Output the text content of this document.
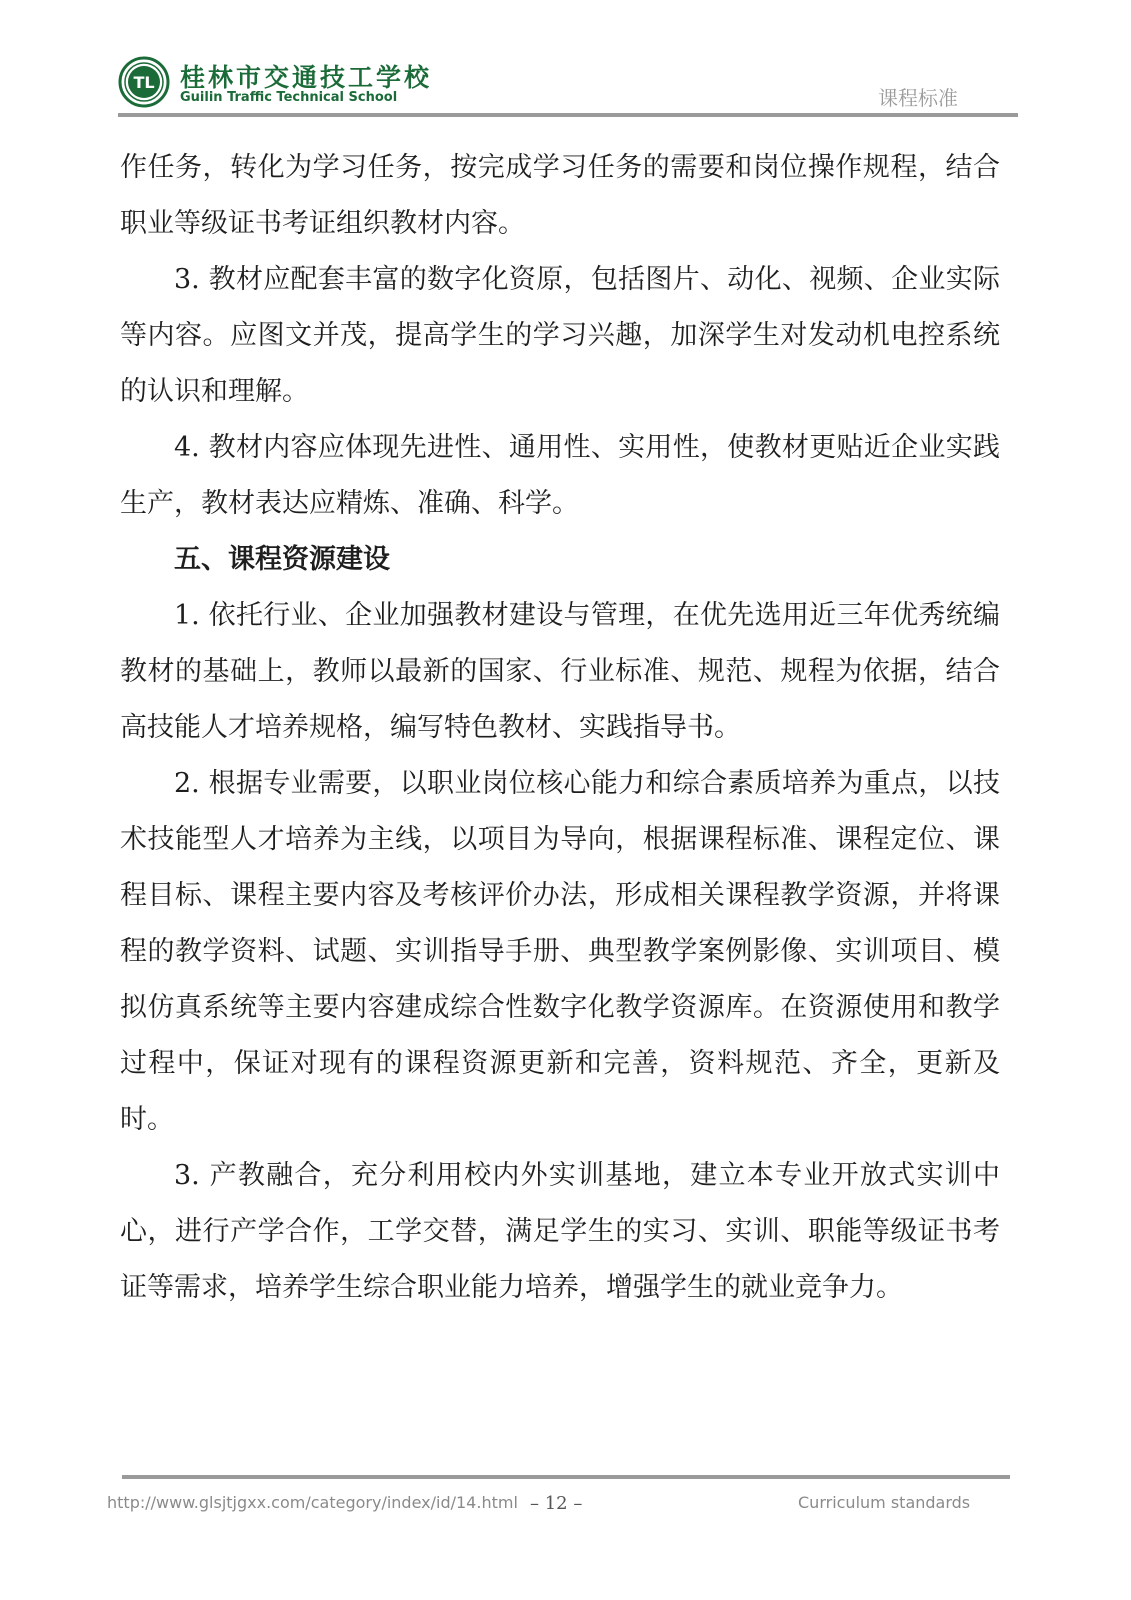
TL 桂林市交通技工学校
Guilin Traffic Technical School	课程标准

作任务，转化为学习任务，按完成学习任务的需要和岗位操作规程，结合职业等级证书考证组织教材内容。

3. 教材应配套丰富的数字化资原，包括图片、动化、视频、企业实际等内容。应图文并茂，提高学生的学习兴趣，加深学生对发动机电控系统的认识和理解。

4. 教材内容应体现先进性、通用性、实用性，使教材更贴近企业实践生产，教材表达应精炼、准确、科学。

五、课程资源建设

1. 依托行业、企业加强教材建设与管理，在优先选用近三年优秀统编教材的基础上，教师以最新的国家、行业标准、规范、规程为依据，结合高技能人才培养规格，编写特色教材、实践指导书。

2. 根据专业需要，以职业岗位核心能力和综合素质培养为重点，以技术技能型人才培养为主线，以项目为导向，根据课程标准、课程定位、课程目标、课程主要内容及考核评价办法，形成相关课程教学资源，并将课程的教学资料、试题、实训指导手册、典型教学案例影像、实训项目、模拟仿真系统等主要内容建成综合性数字化教学资源库。在资源使用和教学过程中，保证对现有的课程资源更新和完善，资料规范、齐全，更新及时。

3. 产教融合，充分利用校内外实训基地，建立本专业开放式实训中心，进行产学合作，工学交替，满足学生的实习、实训、职能等级证书考证等需求，培养学生综合职业能力培养，增强学生的就业竞争力。

http://www.glsjtjgxx.com/category/index/id/14.html – 12 –	Curriculum standards
